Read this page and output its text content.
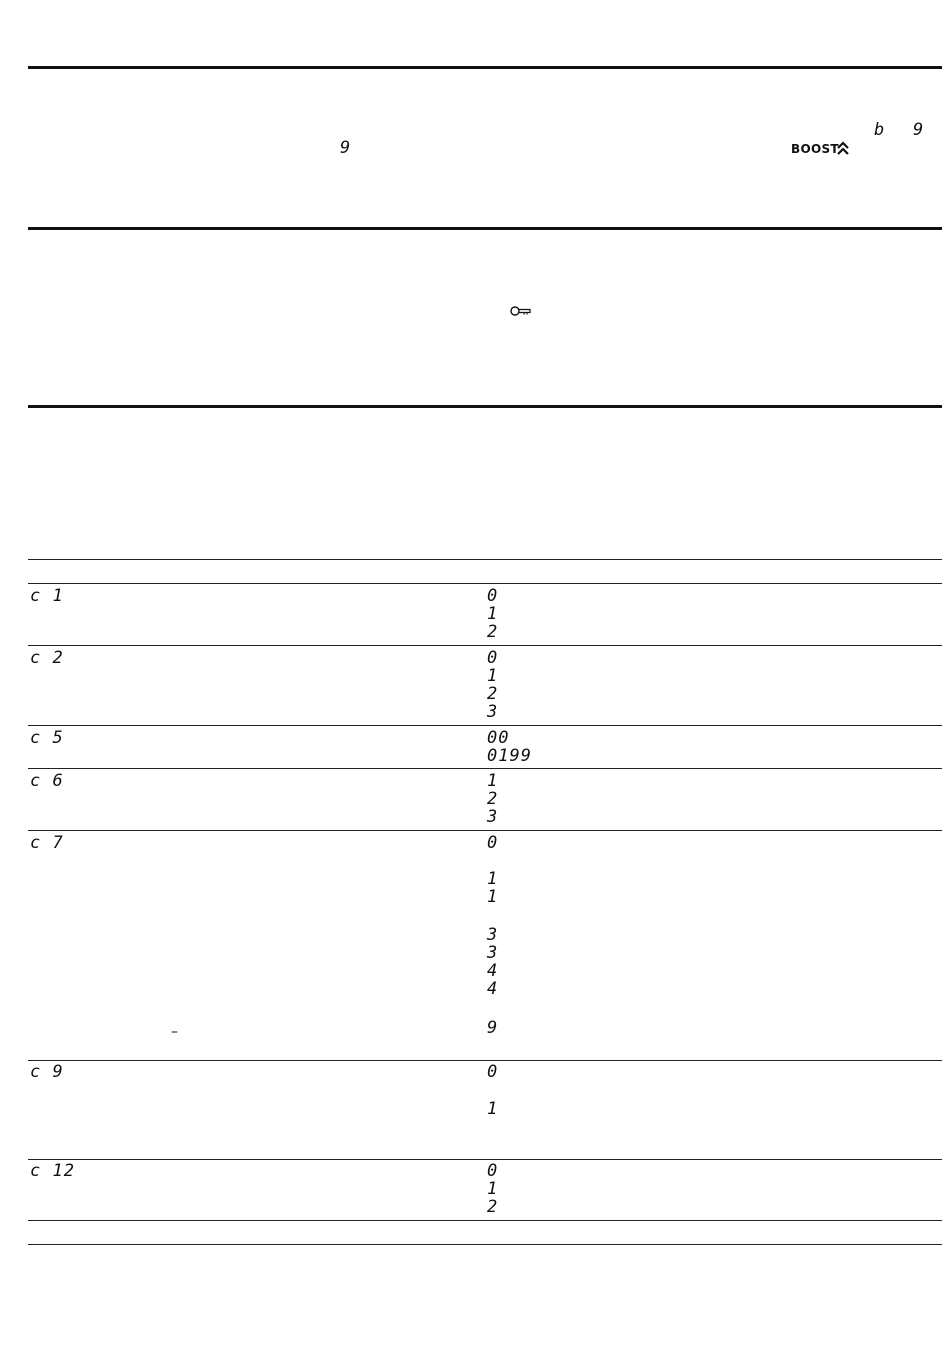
9	BOOST
b 9
c 1	0
1
2
c 2	0
1
2
3
c 5	00
0199
c 6	1
2
3
c 7	0
1
1
3
3
4
4
9
–
c 9	0
1
c 12	0
1
2
